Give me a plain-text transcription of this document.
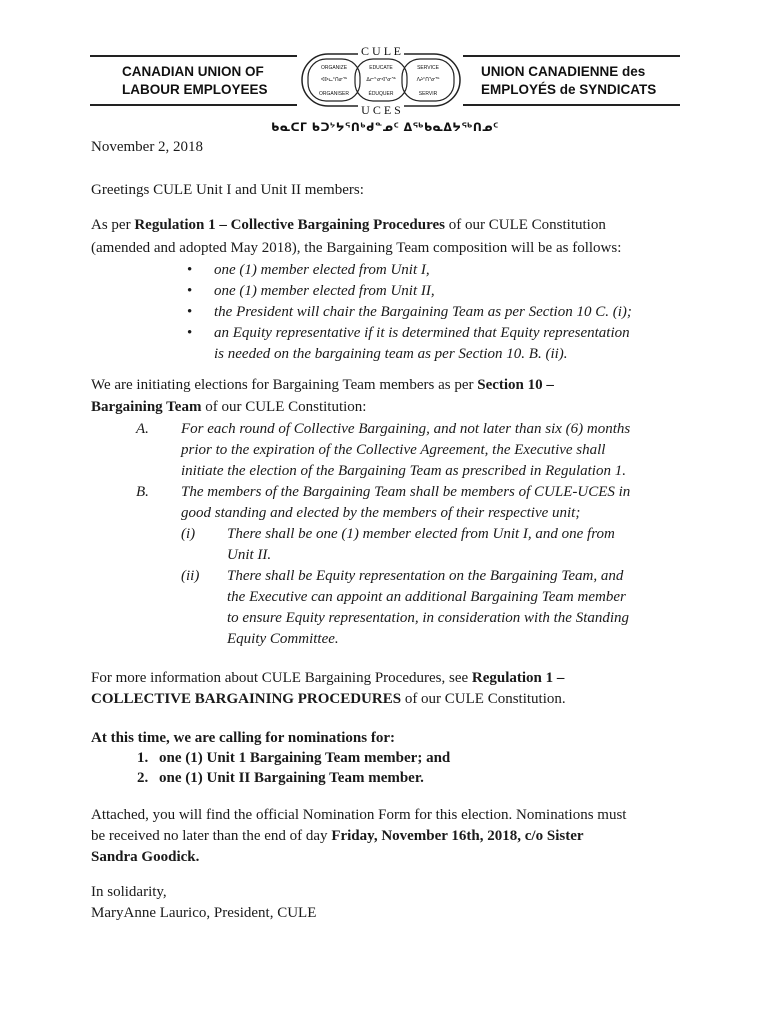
CANADIAN UNION OF
LABOUR EMPLOYEES
UNION CANADIENNE des
EMPLOYÉS de SYNDICATS
C U L E
U C E S
ORGANIZE	EDUCATE	SERVICE
ᐊᐅᓚᑦᑎᓂᖅ	ᐃᓕᓐᓂᐊᕐᓂᖅ	ᐱᔨᑦᑎᕐᓂᖅ
ORGANISER	ÉDUQUER	SERVIR
ᑲᓇᑕᒥ ᑲᑐᔾᔭᕐᑎᒃᑯᓐᓄᑦ ᐃᖅᑲᓇᐃᔭᖅᑎᓄᑦ
November 2, 2018
Greetings CULE Unit I and Unit II members:
As per Regulation 1 – Collective Bargaining Procedures of our CULE Constitution
(amended and adopted May 2018), the Bargaining Team composition will be as follows:
• one (1) member elected from Unit I,
• one (1) member elected from Unit II,
• the President will chair the Bargaining Team as per Section 10 C. (i);
• an Equity representative if it is determined that Equity representation
is needed on the bargaining team as per Section 10. B. (ii).
We are initiating elections for Bargaining Team members as per Section 10 –
Bargaining Team of our CULE Constitution:
A. For each round of Collective Bargaining, and not later than six (6) months
prior to the expiration of the Collective Agreement, the Executive shall
initiate the election of the Bargaining Team as prescribed in Regulation 1.
B. The members of the Bargaining Team shall be members of CULE-UCES in
good standing and elected by the members of their respective unit;
(i) There shall be one (1) member elected from Unit I, and one from
Unit II.
(ii) There shall be Equity representation on the Bargaining Team, and
the Executive can appoint an additional Bargaining Team member
to ensure Equity representation, in consideration with the Standing
Equity Committee.
For more information about CULE Bargaining Procedures, see Regulation 1 –
COLLECTIVE BARGAINING PROCEDURES of our CULE Constitution.
At this time, we are calling for nominations for:
1. one (1) Unit 1 Bargaining Team member; and
2. one (1) Unit II Bargaining Team member.
Attached, you will find the official Nomination Form for this election. Nominations must
be received no later than the end of day Friday, November 16th, 2018, c/o Sister
Sandra Goodick.
In solidarity,
MaryAnne Laurico, President, CULE
